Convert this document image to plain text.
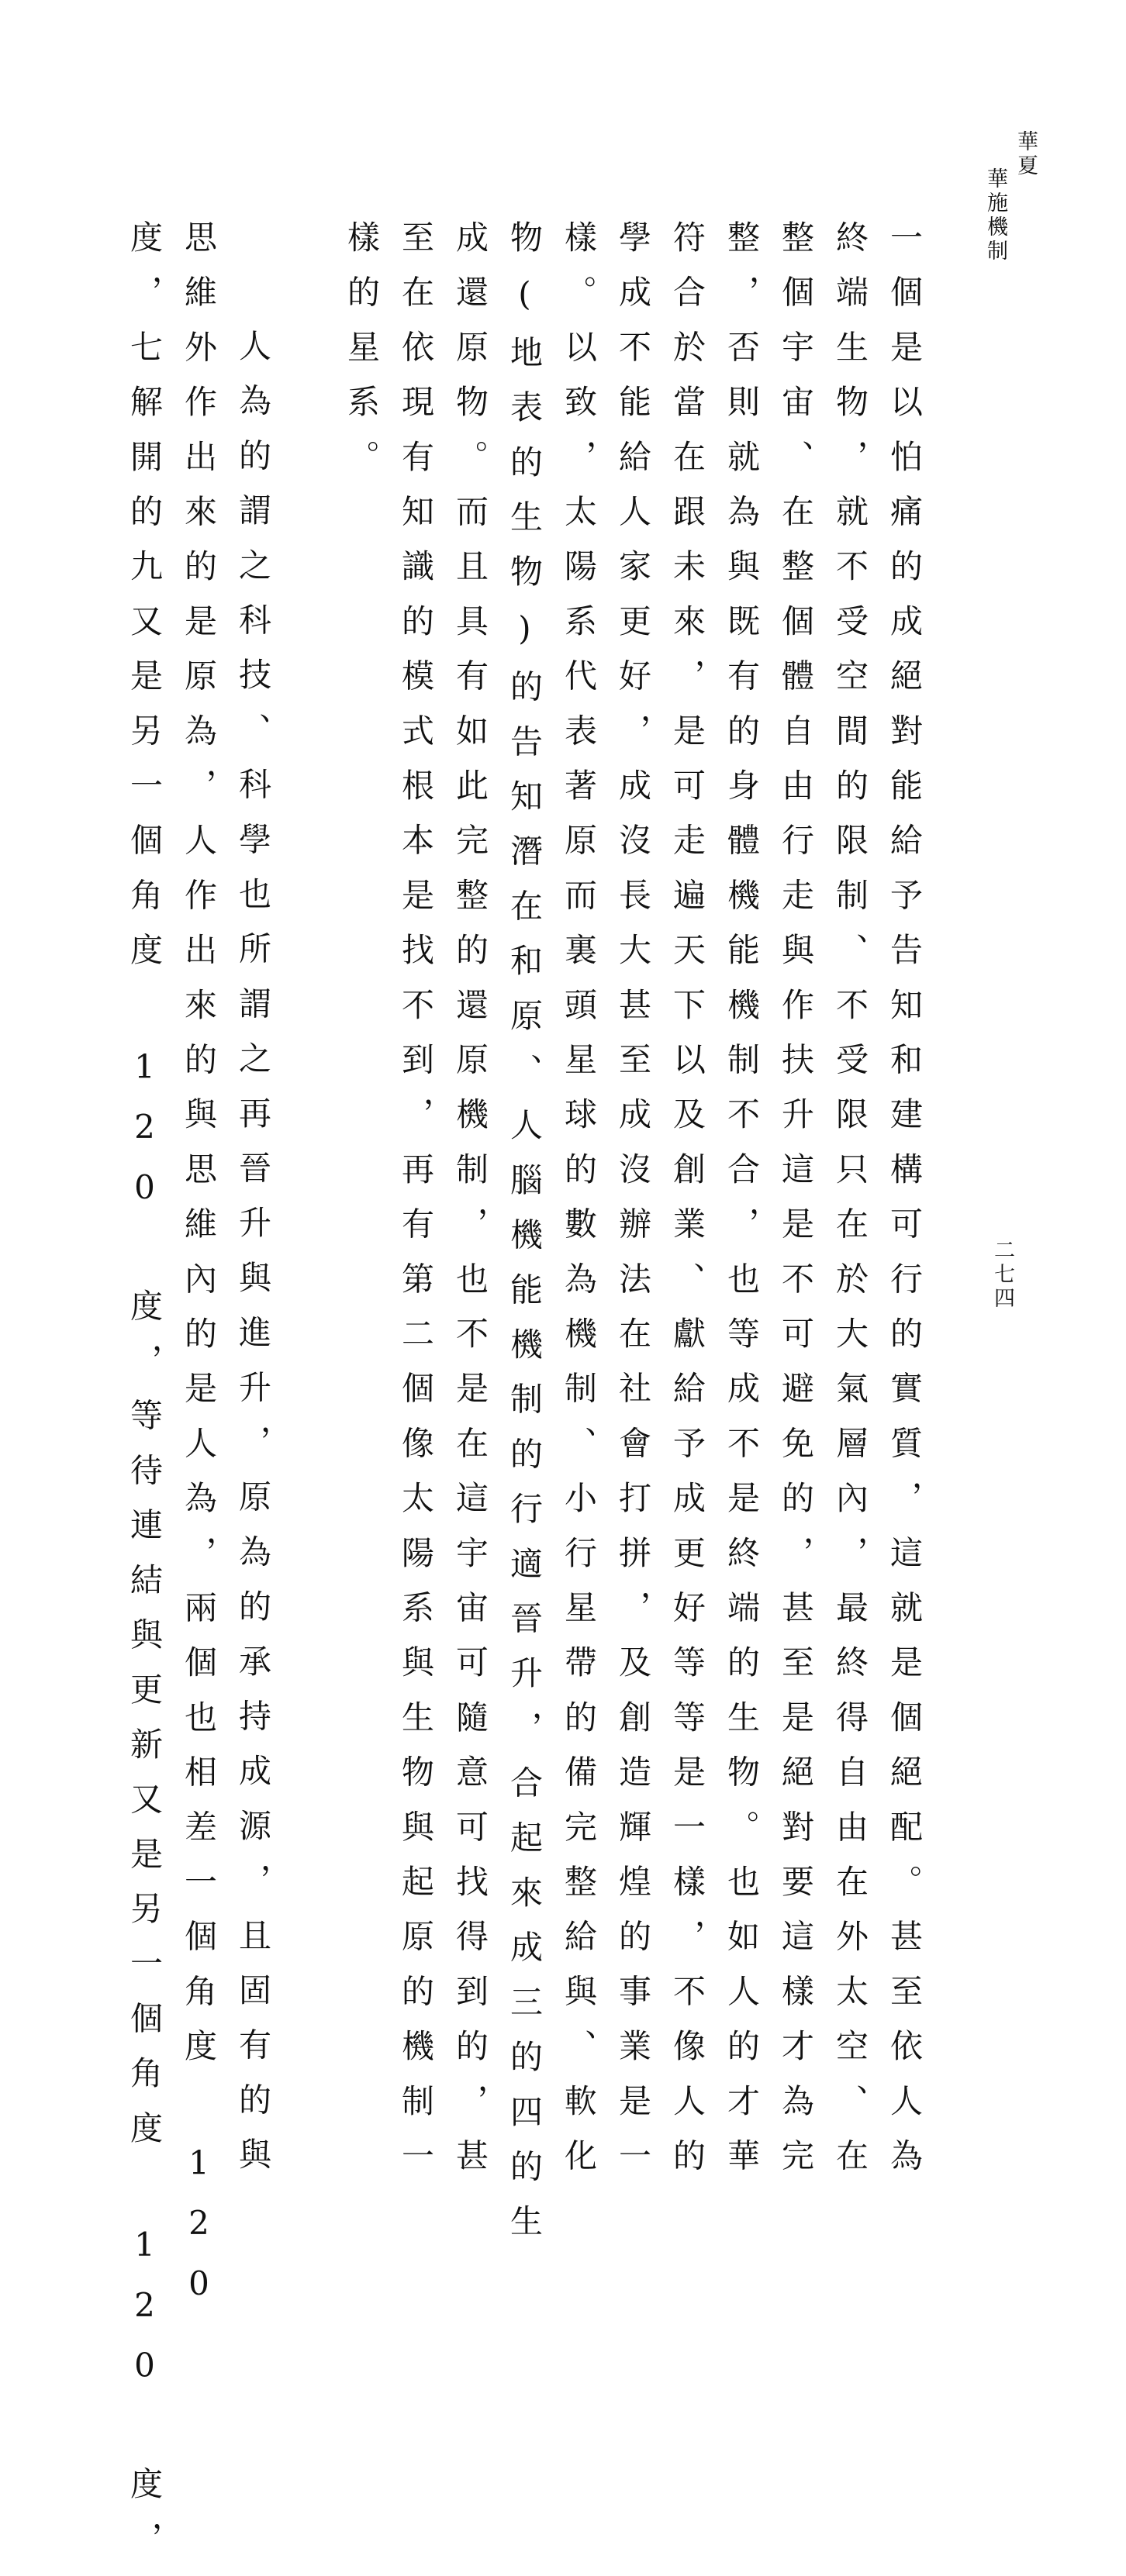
華夏
華施機制
二七四
一個是以怕痛的成絕對能給予告知和建構可行的實質，這就是個絕配。甚至依人為
終端生物，就不受空間的限制、不受限只在於大氣層內，最終得自由在外太空、在
整個宇宙、在整個體自由行走與作扶升這是不可避免的，甚至是絕對要這樣才為完
整，否則就為與既有的身體機能機制不合，也等成不是終端的生物。也如人的才華
符合於當在跟未來，是可走遍天下以及創業、獻給予成更好等等是一樣，不像人的
學成不能給人家更好，成沒長大甚至成沒辦法在社會打拼，及創造輝煌的事業是一
樣。以致，太陽系代表著原而裏頭星球的數為機制、小行星帶的備完整給與、軟化
物(地表的生物)的告知潛在和原、人腦機能機制的行適晉升，合起來成三的四的生
成還原物。而且具有如此完整的還原機制，也不是在這宇宙可隨意可找得到的，甚
至在依現有知識的模式根本是找不到，再有第二個像太陽系與生物與起原的機制一
樣的星系。
人為的謂之科技、科學也所謂之再晉升與進升，原為的承持成源，且固有的與
思維外作出來的是原為，人作出來的與思維內的是人為，兩個也相差一個角度 120
度，七解開的九又是另一個角度 120 度，等待連結與更新又是另一個角度 120 度，
